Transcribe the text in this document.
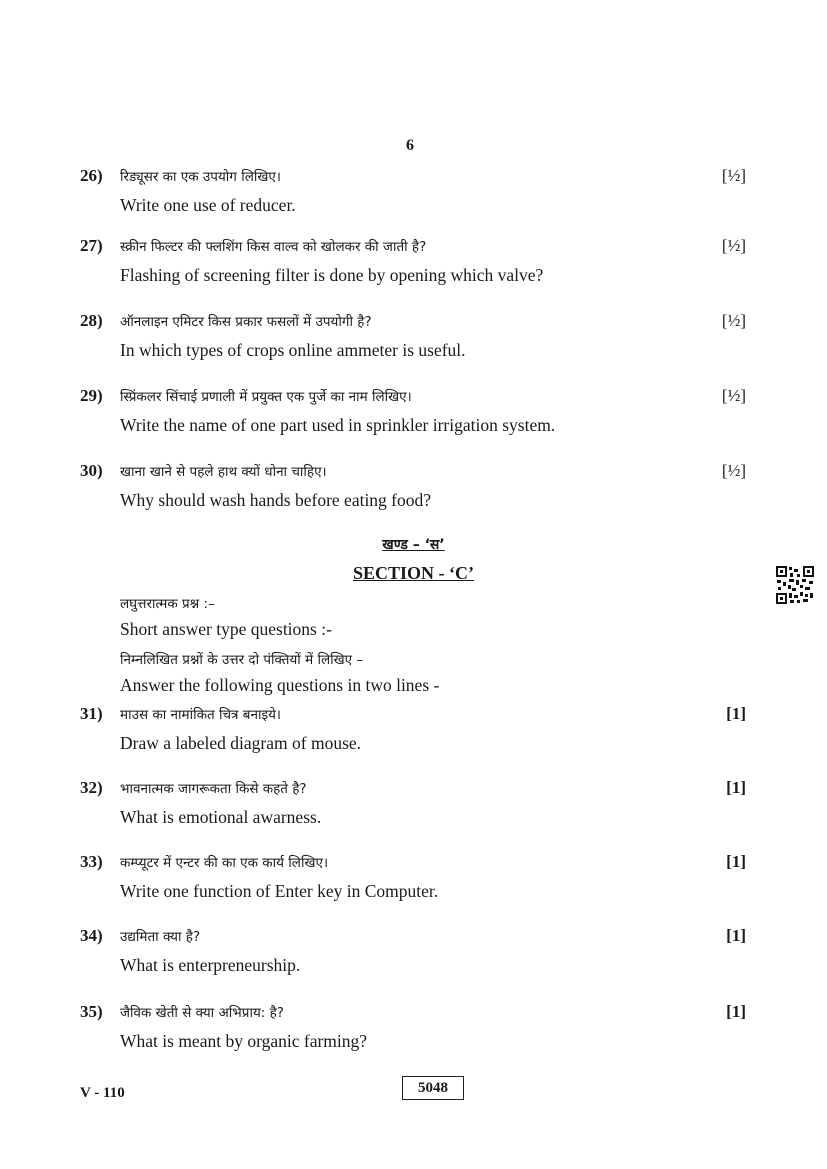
6
26) रिड्यूसर का एक उपयोग लिखिए।	[½]
Write one use of reducer.
27) स्क्रीन फिल्टर की फ्लशिंग किस वाल्व को खोलकर की जाती है?	[½]
Flashing of screening filter is done by opening which valve?
28) ऑनलाइन एमिटर किस प्रकार फसलों में उपयोगी है?	[½]
In which types of crops online ammeter is useful.
29) स्प्रिंकलर सिंचाई प्रणाली में प्रयुक्त एक पुर्जे का नाम लिखिए।	[½]
Write the name of one part used in sprinkler irrigation system.
30) खाना खाने से पहले हाथ क्यों धोना चाहिए।	[½]
Why should wash hands before eating food?
खण्ड – ‘स’
SECTION - ‘C’
लघुत्तरात्मक प्रश्न :–
Short answer type questions :-
निम्नलिखित प्रश्नों के उत्तर दो पंक्तियों में लिखिए –
Answer the following questions in two lines -
31) माउस का नामांकित चित्र बनाइये।	[1]
Draw a labeled diagram of mouse.
32) भावनात्मक जागरूकता किसे कहते है?	[1]
What is emotional awarness.
33) कम्प्यूटर में एन्टर की का एक कार्य लिखिए।	[1]
Write one function of Enter key in Computer.
34) उद्यमिता क्या है?	[1]
What is enterpreneurship.
35) जैविक खेती से क्या अभिप्राय: है?	[1]
What is meant by organic farming?
V - 110	5048
